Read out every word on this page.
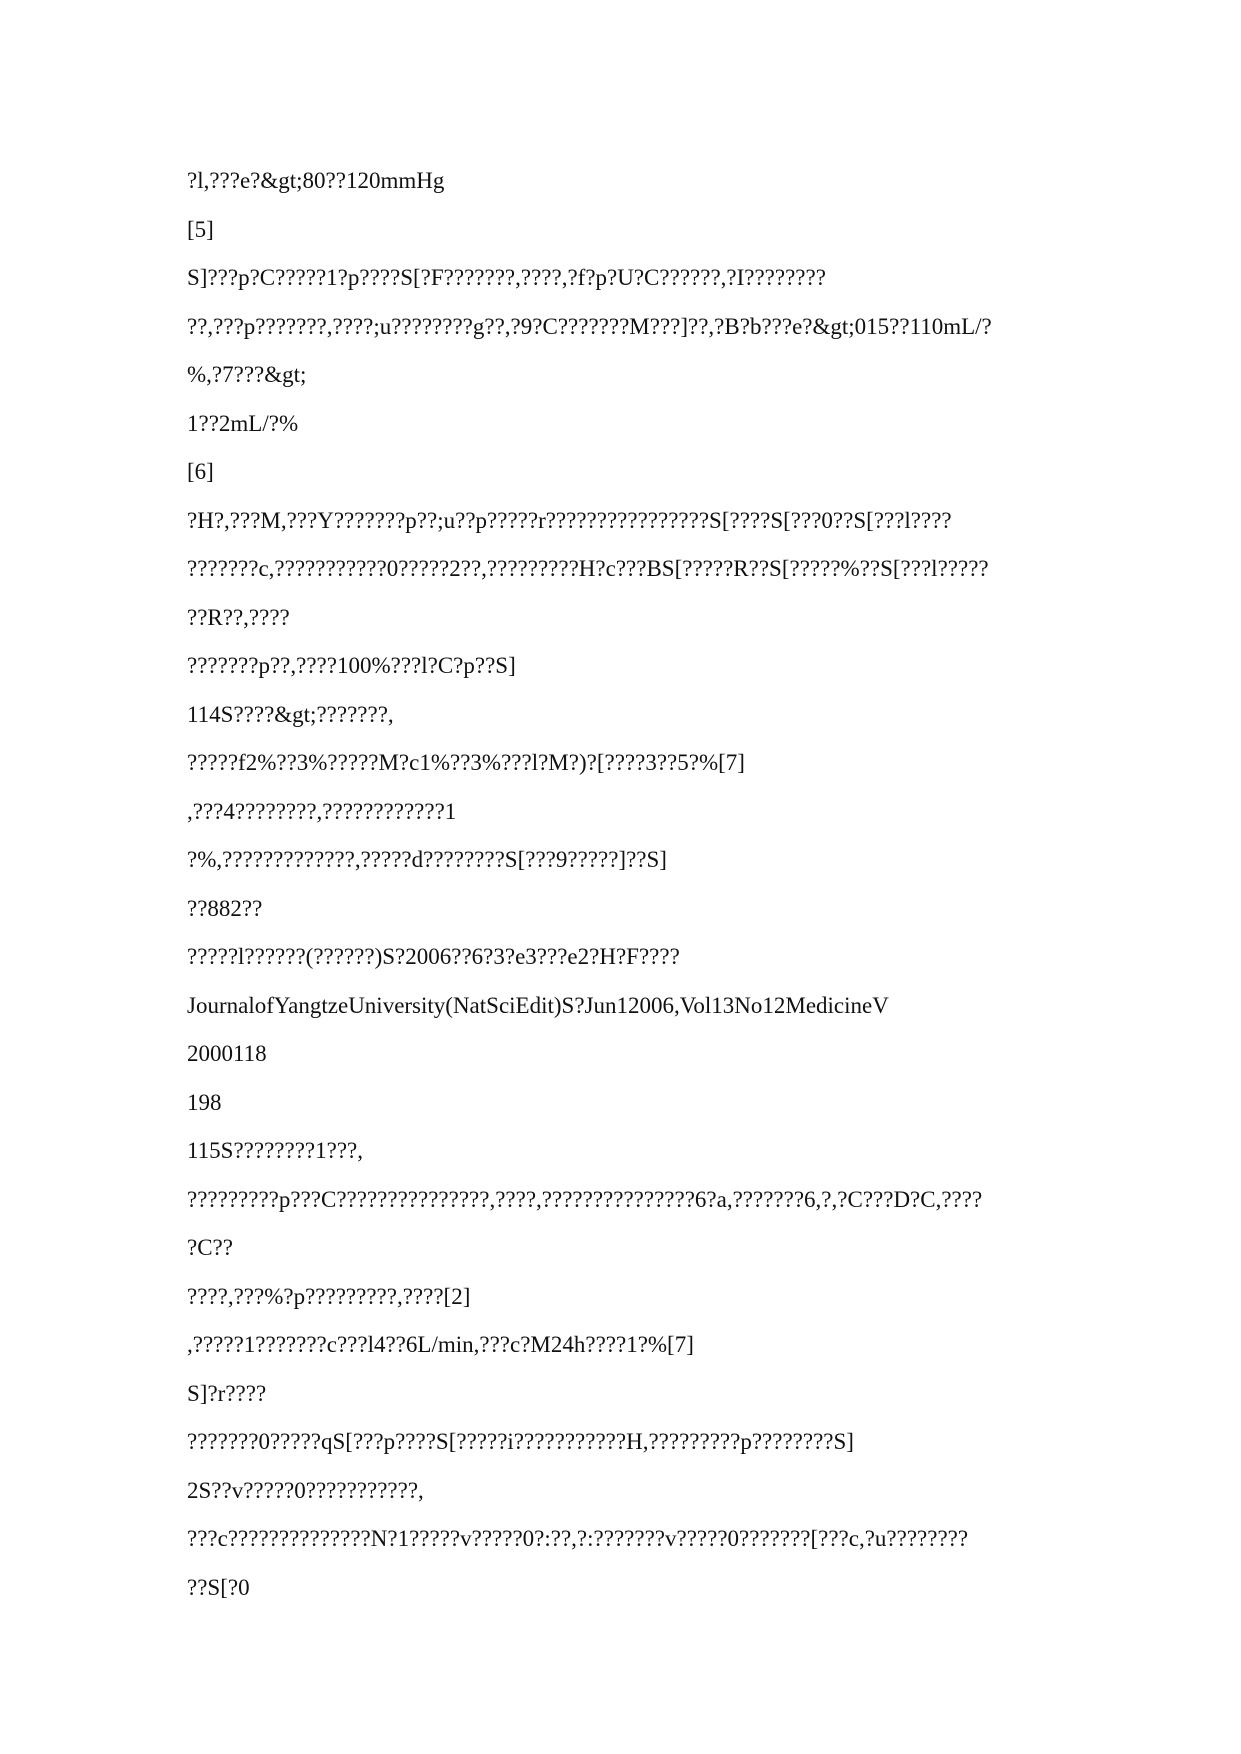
?l,???e?&gt;80??120mmHg
[5]
S]???p?C?????1?p????S[?F???????,????,?f?p?U?C??????,?I????????
??,???p???????,????;u????????g??,?9?C???????M???]??,?B?b???e?&gt;015??110mL/?
%,?7???&gt;
1??2mL/?%
[6]
?H?,???M,???Y???????p??;u??p?????r????????????????S[????S[???0??S[???l????
???????c,???????????0?????2??,?????????H?c???BS[?????R??S[?????%??S[???l?????
??R??,????
???????p??,????100%???l?C?p??S]
114S????&gt;???????,
?????f2%??3%?????M?c1%??3%???l?M?)?[????3??5?%[7]
,???4????????,????????????1
?%,?????????????,?????d????????S[???9?????]??S]
??882??
?????l??????(??????)S?2006??6?3?e3???e2?H?F????
JournalofYangtzeUniversity(NatSciEdit)S?Jun12006,Vol13No12MedicineV
2000118
198
115S????????1???,
?????????p???C???????????????,????,???????????????6?a,???????6,?,?C???D?C,????
?C??
????,???%?p?????????,????[2]
,?????1???????c???l4??6L/min,???c?M24h????1?%[7]
S]?r????
???????0?????qS[???p????S[?????i???????????H,?????????p????????S]
2S??v?????0???????????,
???c??????????????N?1?????v?????0?:??,?:???????v?????0???????[???c,?u????????
??S[?0
